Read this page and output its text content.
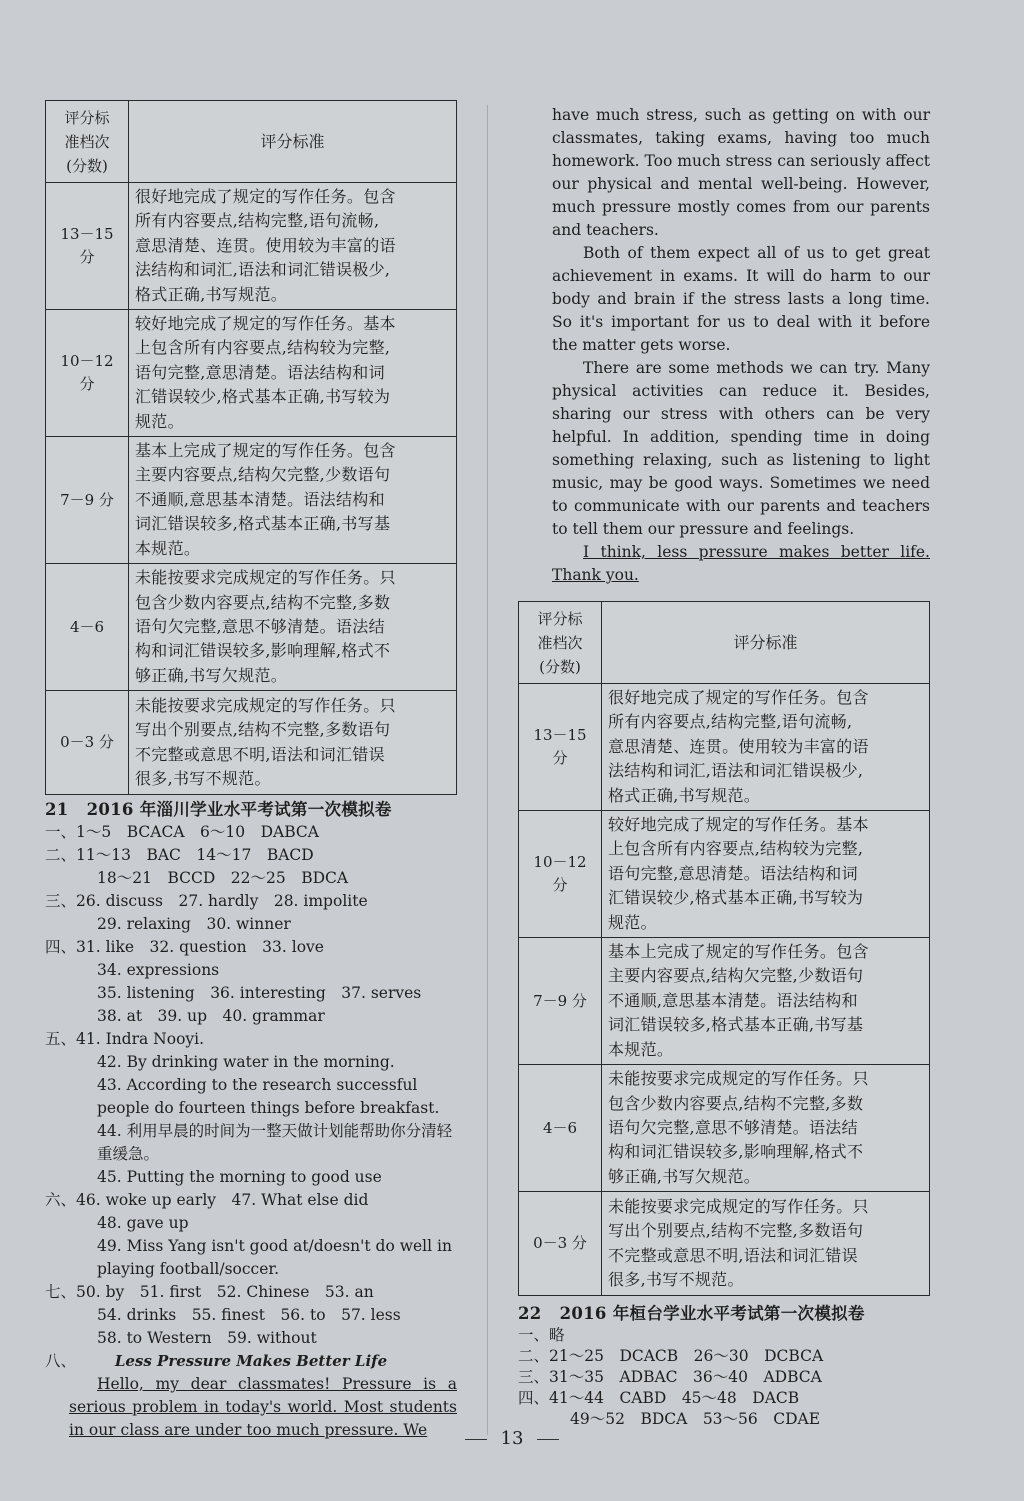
评分标
准档次
(分数)	评分标准
13－15 分	很好地完成了规定的写作任务。包含
所有内容要点,结构完整,语句流畅,
意思清楚、连贯。使用较为丰富的语
法结构和词汇,语法和词汇错误极少,
格式正确,书写规范。

10－12 分	较好地完成了规定的写作任务。基本
上包含所有内容要点,结构较为完整,
语句完整,意思清楚。语法结构和词
汇错误较少,格式基本正确,书写较为
规范。

7－9 分	基本上完成了规定的写作任务。包含
主要内容要点,结构欠完整,少数语句
不通顺,意思基本清楚。语法结构和
词汇错误较多,格式基本正确,书写基
本规范。

4－6	未能按要求完成规定的写作任务。只
包含少数内容要点,结构不完整,多数
语句欠完整,意思不够清楚。语法结
构和词汇错误较多,影响理解,格式不
够正确,书写欠规范。

0－3 分	未能按要求完成规定的写作任务。只
写出个别要点,结构不完整,多数语句
不完整或意思不明,语法和词汇错误
很多,书写不规范。
21 2016 年淄川学业水平考试第一次模拟卷
一、1～5　BCACA　6～10　DABCA
二、11～13　BAC　14～17　BACD
18～21　BCCD　22～25　BDCA
三、26. discuss　27. hardly　28. impolite
29. relaxing　30. winner
四、31. like　32. question　33. love
34. expressions
35. listening　36. interesting　37. serves
38. at　39. up　40. grammar
五、41. Indra Nooyi.
42. By drinking water in the morning.
43. According to the research successful people do fourteen things before breakfast.
44. 利用早晨的时间为一整天做计划能帮助你分清轻重缓急。
45. Putting the morning to good use
六、46. woke up early　47. What else did
48. gave up
49. Miss Yang isn't good at/doesn't do well in playing football/soccer.
七、50. by　51. first　52. Chinese　53. an
54. drinks　55. finest　56. to　57. less
58. to Western　59. without
八、	Less Pressure Makes Better Life
Hello, my dear classmates! Pressure is a serious problem in today's world. Most students in our class are under too much pressure. We
have much stress, such as getting on with our classmates, taking exams, having too much homework. Too much stress can seriously affect our physical and mental well-being. However, much pressure mostly comes from our parents and teachers.
Both of them expect all of us to get great achievement in exams. It will do harm to our body and brain if the stress lasts a long time. So it's important for us to deal with it before the matter gets worse.
There are some methods we can try. Many physical activities can reduce it. Besides, sharing our stress with others can be very helpful. In addition, spending time in doing something relaxing, such as listening to light music, may be good ways. Sometimes we need to communicate with our parents and teachers to tell them our pressure and feelings.
I think, less pressure makes better life. Thank you.
评分标
准档次
(分数)	评分标准
13－15 分	很好地完成了规定的写作任务。包含
所有内容要点,结构完整,语句流畅,
意思清楚、连贯。使用较为丰富的语
法结构和词汇,语法和词汇错误极少,
格式正确,书写规范。

10－12 分	较好地完成了规定的写作任务。基本
上包含所有内容要点,结构较为完整,
语句完整,意思清楚。语法结构和词
汇错误较少,格式基本正确,书写较为
规范。

7－9 分	基本上完成了规定的写作任务。包含
主要内容要点,结构欠完整,少数语句
不通顺,意思基本清楚。语法结构和
词汇错误较多,格式基本正确,书写基
本规范。

4－6	未能按要求完成规定的写作任务。只
包含少数内容要点,结构不完整,多数
语句欠完整,意思不够清楚。语法结
构和词汇错误较多,影响理解,格式不
够正确,书写欠规范。

0－3 分	未能按要求完成规定的写作任务。只
写出个别要点,结构不完整,多数语句
不完整或意思不明,语法和词汇错误
很多,书写不规范。
22 2016 年桓台学业水平考试第一次模拟卷
一、略
二、21～25　DCACB　26～30　DCBCA
三、31～35　ADBAC　36～40　ADBCA
四、41～44　CABD　45～48　DACB
49～52　BDCA　53～56　CDAE
13
